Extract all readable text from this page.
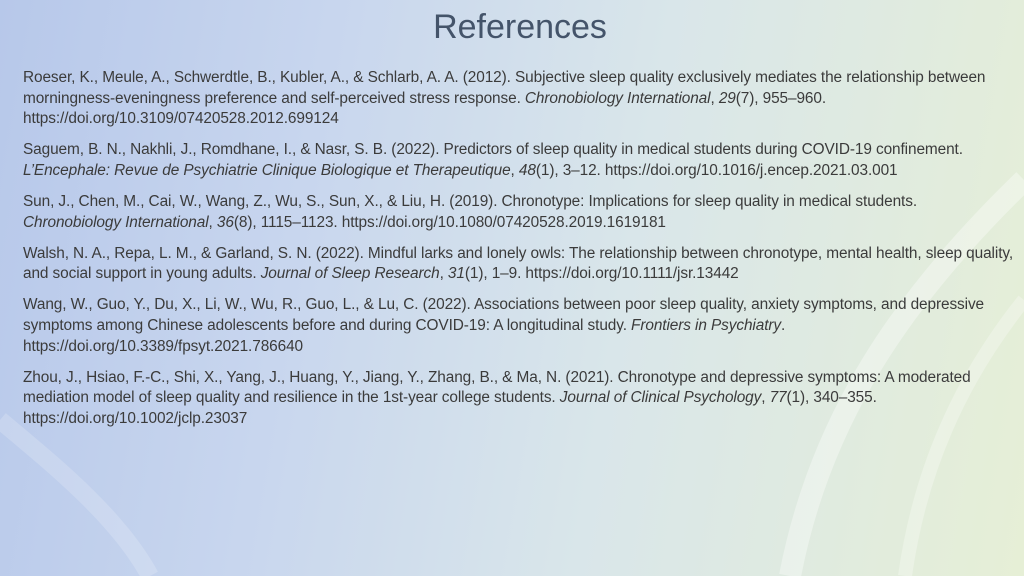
References

Roeser, K., Meule, A., Schwerdtle, B., Kubler, A., & Schlarb, A. A. (2012). Subjective sleep quality exclusively mediates the relationship between morningness-eveningness preference and self-perceived stress response. Chronobiology International, 29(7), 955–960. https://doi.org/10.3109/07420528.2012.699124

Saguem, B. N., Nakhli, J., Romdhane, I., & Nasr, S. B. (2022). Predictors of sleep quality in medical students during COVID-19 confinement. L’Encephale: Revue de Psychiatrie Clinique Biologique et Therapeutique, 48(1), 3–12. https://doi.org/10.1016/j.encep.2021.03.001

Sun, J., Chen, M., Cai, W., Wang, Z., Wu, S., Sun, X., & Liu, H. (2019). Chronotype: Implications for sleep quality in medical students. Chronobiology International, 36(8), 1115–1123. https://doi.org/10.1080/07420528.2019.1619181

Walsh, N. A., Repa, L. M., & Garland, S. N. (2022). Mindful larks and lonely owls: The relationship between chronotype, mental health, sleep quality, and social support in young adults. Journal of Sleep Research, 31(1), 1–9. https://doi.org/10.1111/jsr.13442

Wang, W., Guo, Y., Du, X., Li, W., Wu, R., Guo, L., & Lu, C. (2022). Associations between poor sleep quality, anxiety symptoms, and depressive symptoms among Chinese adolescents before and during COVID-19: A longitudinal study. Frontiers in Psychiatry. https://doi.org/10.3389/fpsyt.2021.786640

Zhou, J., Hsiao, F.-C., Shi, X., Yang, J., Huang, Y., Jiang, Y., Zhang, B., & Ma, N. (2021). Chronotype and depressive symptoms: A moderated mediation model of sleep quality and resilience in the 1st-year college students. Journal of Clinical Psychology, 77(1), 340–355. https://doi.org/10.1002/jclp.23037
